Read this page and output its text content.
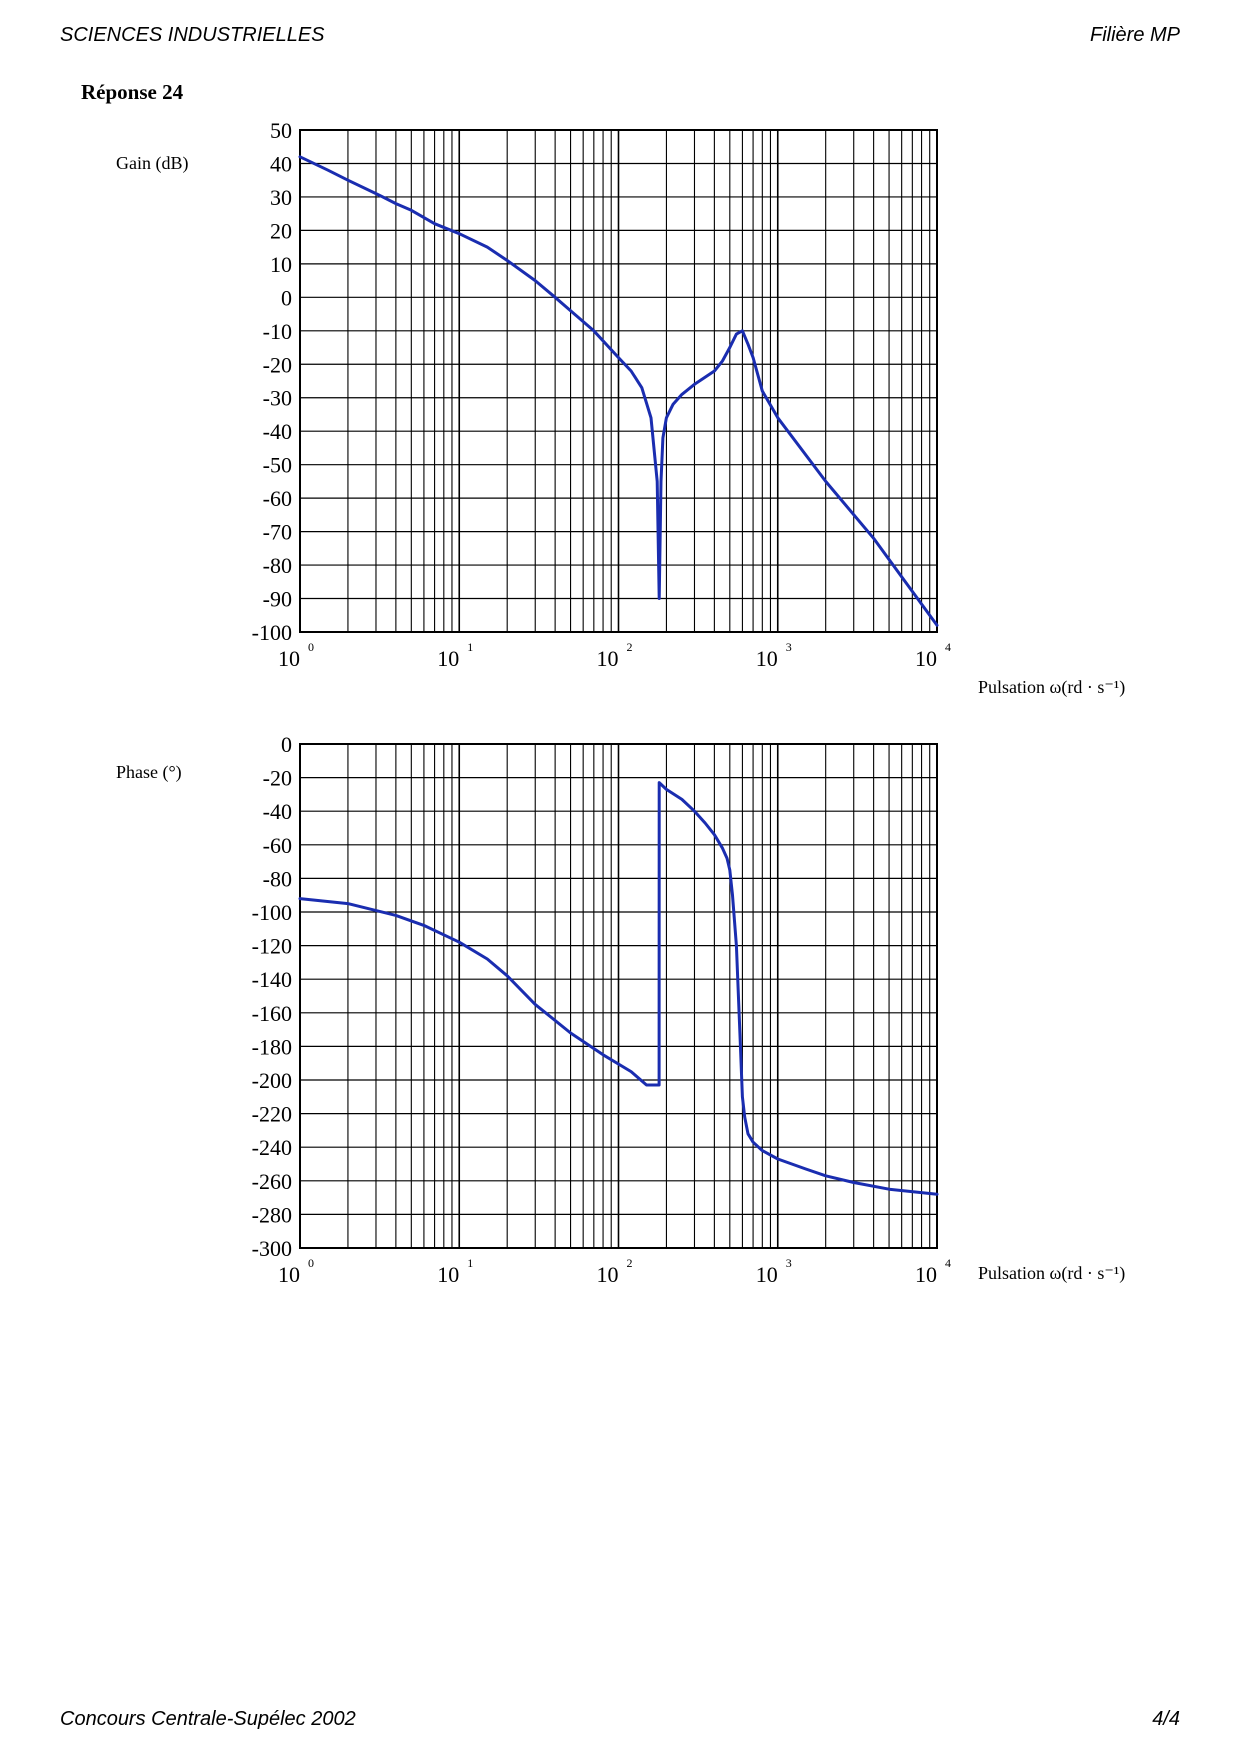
SCIENCES INDUSTRIELLES	Filière MP
Réponse 24
Gain (dB)
Pulsation ω(rd · s⁻¹)
Phase (°)
Pulsation ω(rd · s⁻¹)
50
40
30
20
10
0
-10
-20
-30
-40
-50
-60
-70
-80
-90
-100
10 0	10 1	10 2	10 3	10 4
0
-20
-40
-60
-80
-100
-120
-140
-160
-180
-200
-220
-240
-260
-280
-300
10 0	10 1	10 2	10 3	10 4
Concours Centrale-Supélec 2002	4/4
